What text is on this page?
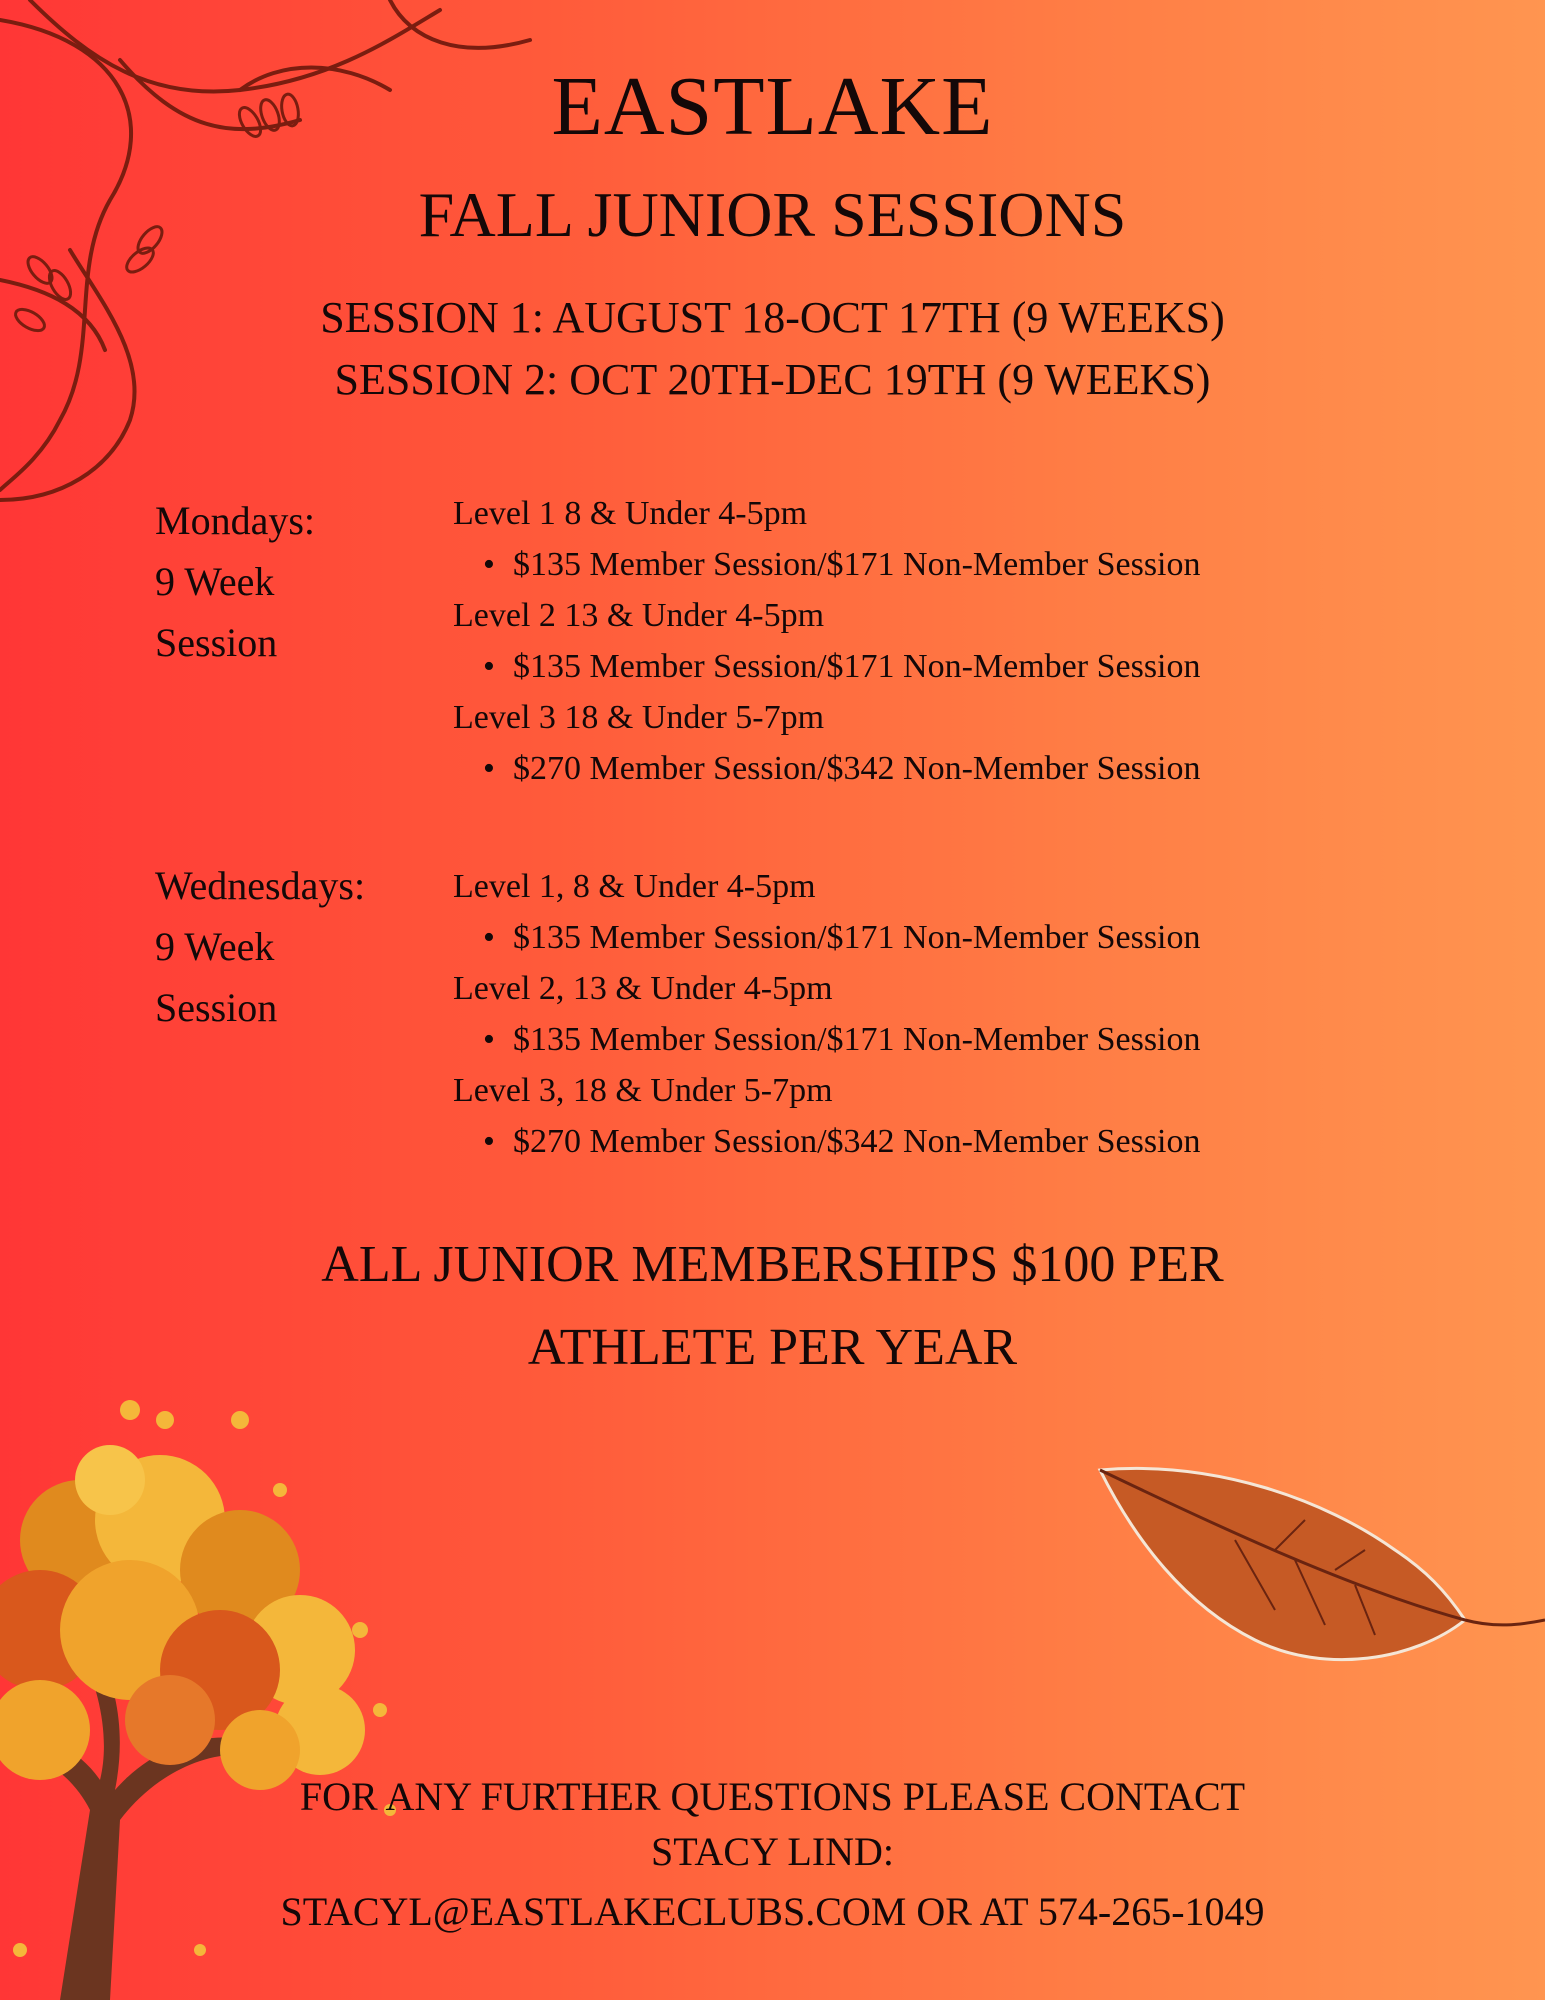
EASTLAKE
FALL JUNIOR SESSIONS
SESSION 1: AUGUST 18-OCT 17TH (9 WEEKS)
SESSION 2: OCT 20TH-DEC 19TH (9 WEEKS)
Mondays:
9 Week
Session
Level 1 8 & Under 4-5pm
• $135 Member Session/$171 Non-Member Session
Level 2 13 & Under 4-5pm
• $135 Member Session/$171 Non-Member Session
Level 3 18 & Under 5-7pm
• $270 Member Session/$342 Non-Member Session
Wednesdays:
9 Week
Session
Level 1, 8 & Under 4-5pm
• $135 Member Session/$171 Non-Member Session
Level 2, 13 & Under 4-5pm
• $135 Member Session/$171 Non-Member Session
Level 3, 18 & Under 5-7pm
• $270 Member Session/$342 Non-Member Session
ALL JUNIOR MEMBERSHIPS $100 PER
ATHLETE PER YEAR
FOR ANY FURTHER QUESTIONS PLEASE CONTACT
STACY LIND:
STACYL@EASTLAKECLUBS.COM OR AT 574-265-1049
